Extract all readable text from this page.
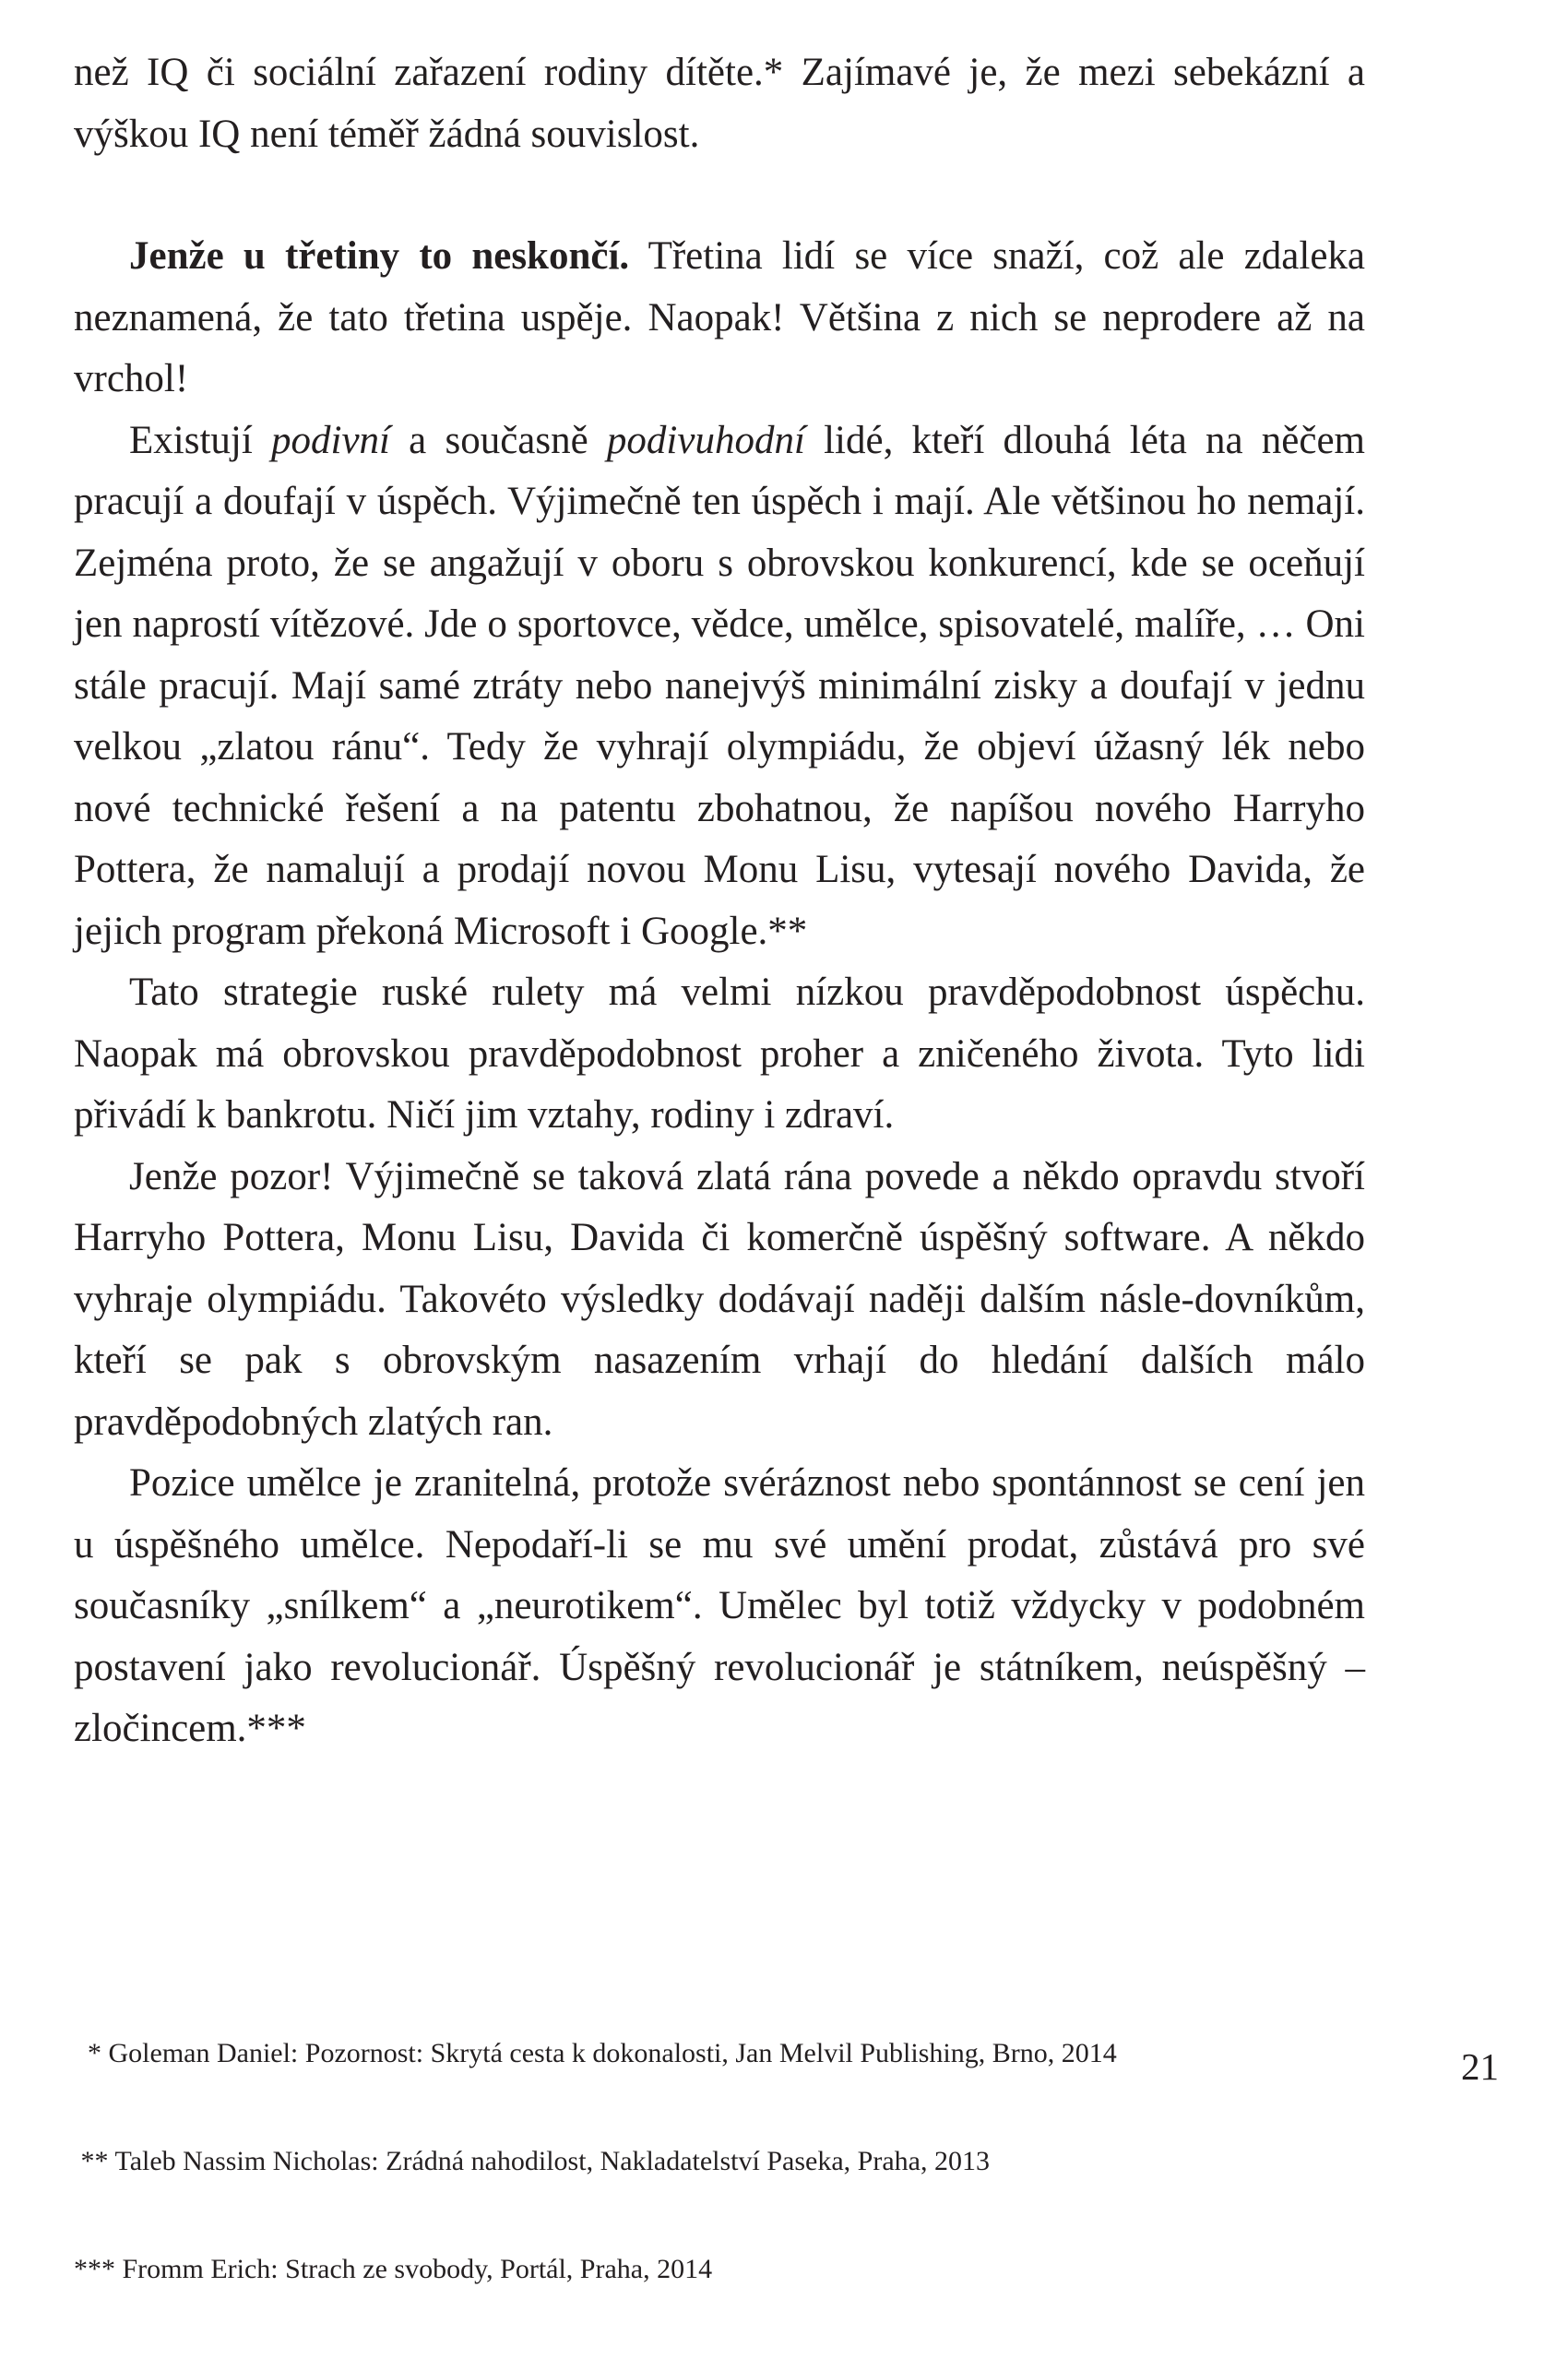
než IQ či sociální zařazení rodiny dítěte.* Zajímavé je, že mezi sebekázní a výškou IQ není téměř žádná souvislost.

Jenže u třetiny to neskončí. Třetina lidí se více snaží, což ale zdaleka neznamená, že tato třetina uspěje. Naopak! Většina z nich se neprodere až na vrchol!

Existují podivní a současně podivuhodní lidé, kteří dlouhá léta na něčem pracují a doufají v úspěch. Výjimečně ten úspěch i mají. Ale většinou ho nemají. Zejména proto, že se angažují v oboru s obrovskou konkurencí, kde se oceňují jen naprostí vítězové. Jde o sportovce, vědce, umělce, spisovatelé, malíře, … Oni stále pracují. Mají samé ztráty nebo nanejvýš minimální zisky a doufají v jednu velkou „zlatou ránu“. Tedy že vyhrají olympiádu, že objeví úžasný lék nebo nové technické řešení a na patentu zbohatnou, že napíšou nového Harryho Pottera, že namalují a prodají novou Monu Lisu, vytesají nového Davida, že jejich program překoná Microsoft i Google.**

Tato strategie ruské rulety má velmi nízkou pravděpodobnost úspěchu. Naopak má obrovskou pravděpodobnost proher a zničeného života. Tyto lidi přivádí k bankrotu. Ničí jim vztahy, rodiny i zdraví.

Jenže pozor! Výjimečně se taková zlatá rána povede a někdo opravdu stvoří Harryho Pottera, Monu Lisu, Davida či komerčně úspěšný software. A někdo vyhraje olympiádu. Takovéto výsledky dodávají naději dalším násle-dovníkům, kteří se pak s obrovským nasazením vrhají do hledání dalších málo pravděpodobných zlatých ran.

Pozice umělce je zranitelná, protože svéráznost nebo spontánnost se cení jen u úspěšného umělce. Nepodaří-li se mu své umění prodat, zůstává pro své současníky „snílkem“ a „neurotikem“. Umělec byl totiž vždycky v podobném postavení jako revolucionář. Úspěšný revolucionář je státníkem, neúspěšný – zločincem.***

* Goleman Daniel: Pozornost: Skrytá cesta k dokonalosti, Jan Melvil Publishing, Brno, 2014

** Taleb Nassim Nicholas: Zrádná nahodilost, Nakladatelství Paseka, Praha, 2013

*** Fromm Erich: Strach ze svobody, Portál, Praha, 2014

21
